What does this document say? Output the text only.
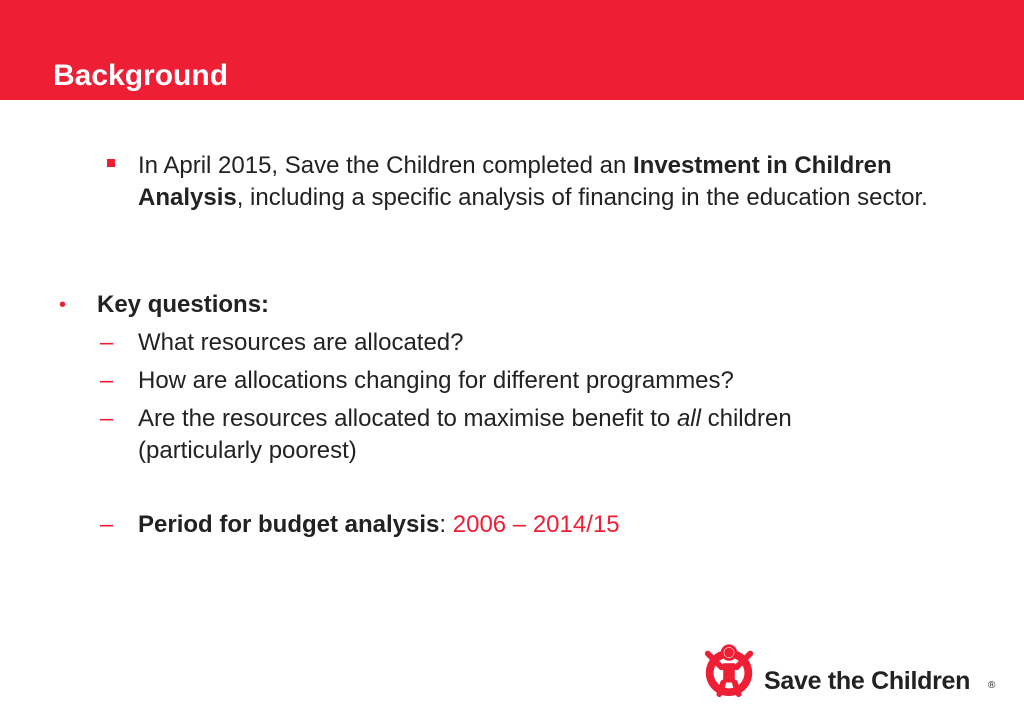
Background
In April 2015, Save the Children completed an Investment in Children Analysis, including a specific analysis of financing in the education sector.
• Key questions:
– What resources are allocated?
– How are allocations changing for different programmes?
– Are the resources allocated to maximise benefit to all children (particularly poorest)
– Period for budget analysis: 2006 – 2014/15
Save the Children ®
